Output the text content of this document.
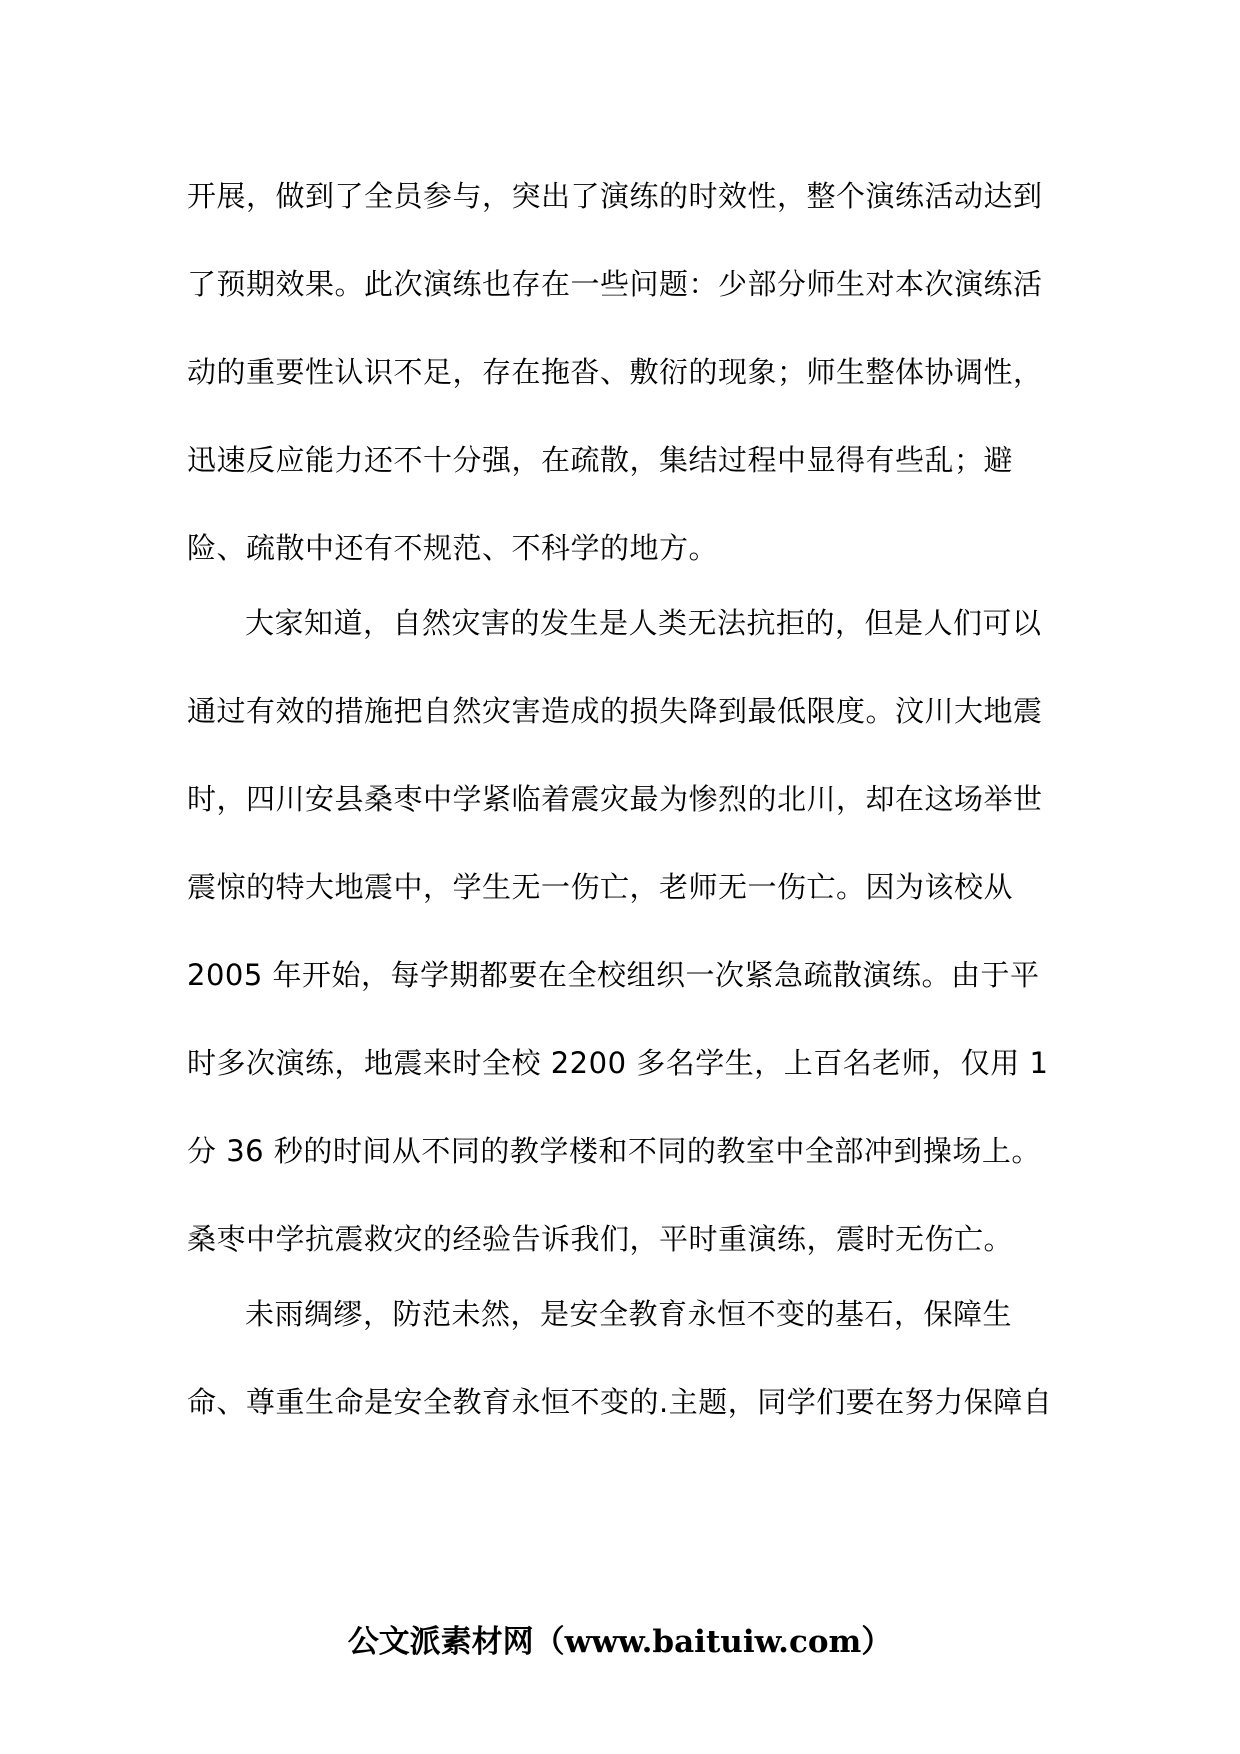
开展，做到了全员参与，突出了演练的时效性，整个演练活动达到
了预期效果。此次演练也存在一些问题：少部分师生对本次演练活
动的重要性认识不足，存在拖沓、敷衍的现象；师生整体协调性，
迅速反应能力还不十分强，在疏散，集结过程中显得有些乱；避
险、疏散中还有不规范、不科学的地方。
大家知道，自然灾害的发生是人类无法抗拒的，但是人们可以
通过有效的措施把自然灾害造成的损失降到最低限度。汶川大地震
时，四川安县桑枣中学紧临着震灾最为惨烈的北川，却在这场举世
震惊的特大地震中，学生无一伤亡，老师无一伤亡。因为该校从
2005 年开始，每学期都要在全校组织一次紧急疏散演练。由于平
时多次演练，地震来时全校 2200 多名学生，上百名老师，仅用 1
分 36 秒的时间从不同的教学楼和不同的教室中全部冲到操场上。
桑枣中学抗震救灾的经验告诉我们，平时重演练，震时无伤亡。
未雨绸缪，防范未然，是安全教育永恒不变的基石，保障生
命、尊重生命是安全教育永恒不变的.主题，同学们要在努力保障自
公文派素材网（www.baituiw.com）
